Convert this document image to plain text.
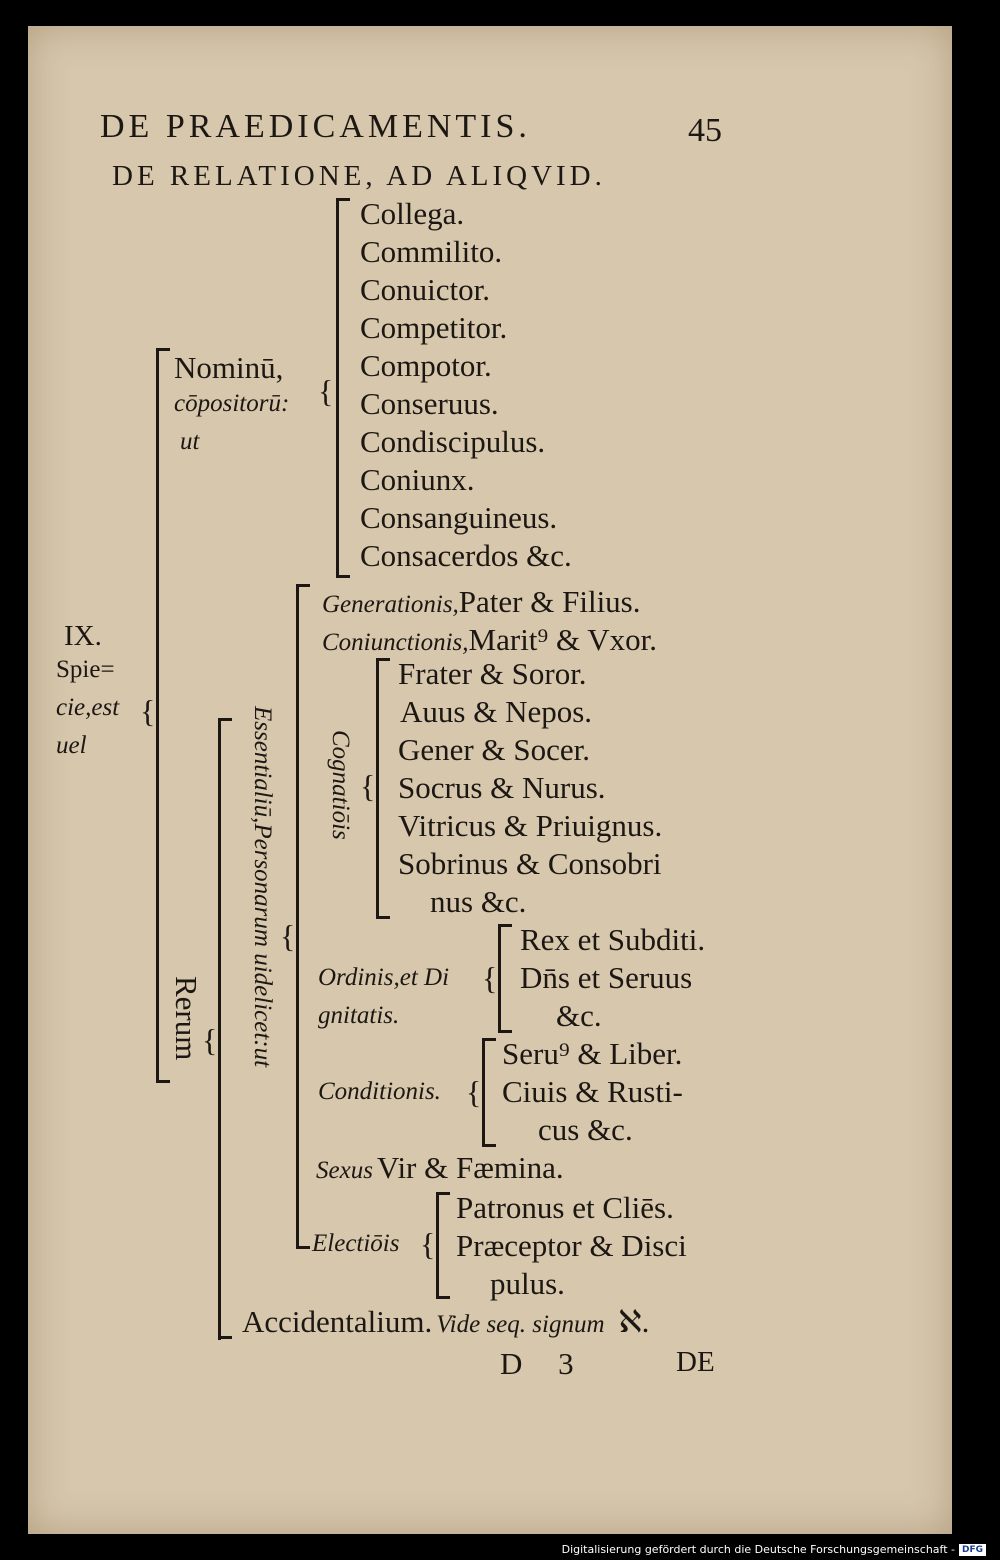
DE PRAEDICAMENTIS.	45
DE RELATIONE, AD ALIQVID.
{
Collega.
Commilito.
Conuictor.
Competitor.
Compotor.
Conseruus.
Condiscipulus.
Coniunx.
Consanguineus.
Consacerdos &c.
Nominū,
cōpositorū:
ut
{
IX.
Spie=
cie,est
uel
Rerum
{ Essentialiū,Personarum uidelicet:ut {
Generationis,Pater & Filius.
Coniunctionis,Marit⁹ & Vxor.
Cognatiōis {
Frater & Soror.
Auus & Nepos.
Gener & Socer.
Socrus & Nurus.
Vitricus & Priuignus.
Sobrinus & Consobri
nus &c.
Ordinis,et Di
gnitatis.
{
Rex et Subditi.
Dn̄s et Seruus
&c.
Conditionis. {
Seru⁹ & Liber.
Ciuis & Rusti-
cus &c.
Sexus Vir & Fæmina.
Electiōis {
Patronus et Cliēs.
Præceptor & Disci
pulus.
Accidentalium. Vide seq. signum ℵ.
D 3	DE
Digitalisierung gefördert durch die Deutsche Forschungsgemeinschaft - DFG
